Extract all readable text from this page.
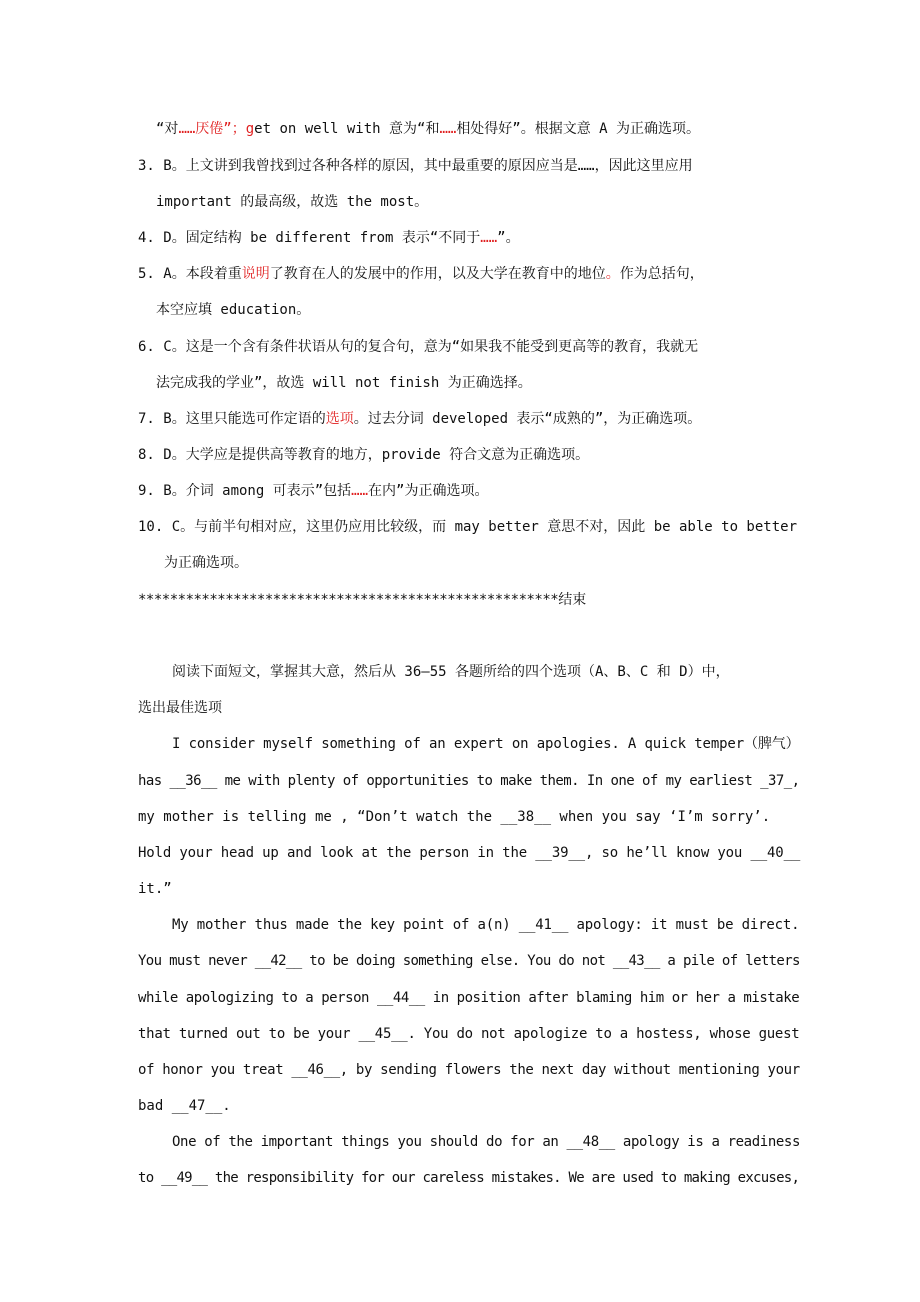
“对……厌倦”；get on well with 意为“和……相处得好”。根据文意 A 为正确选项。
3. B。上文讲到我曾找到过各种各样的原因，其中最重要的原因应当是……，因此这里应用
important 的最高级，故选 the most。
4. D。固定结构 be different from 表示“不同于……”。
5. A。本段着重说明了教育在人的发展中的作用，以及大学在教育中的地位。作为总括句，
本空应填 education。
6. C。这是一个含有条件状语从句的复合句，意为“如果我不能受到更高等的教育，我就无
法完成我的学业”，故选 will not finish 为正确选择。
7. B。这里只能选可作定语的选项。过去分词 developed 表示“成熟的”，为正确选项。
8. D。大学应是提供高等教育的地方，provide 符合文意为正确选项。
9. B。介词 among 可表示”包括……在内”为正确选项。
10. C。与前半句相对应，这里仍应用比较级，而 may better 意思不对，因此 be able to better
为正确选项。
*****************************************************结束
阅读下面短文，掌握其大意，然后从 36—55 各题所给的四个选项（A、B、C 和 D）中，
选出最佳选项
I consider myself something of an expert on apologies. A quick temper（脾气）
has __36__ me with plenty of opportunities to make them. In one of my earliest _37_,
my mother is telling me , “Don’t watch the __38__ when you say ‘I’m sorry’.
Hold your head up and look at the person in the __39__, so he’ll know you __40__
it.”
My mother thus made the key point of a(n) __41__ apology: it must be direct.
You must never __42__ to be doing something else. You do not __43__ a pile of letters
while apologizing to a person __44__ in position after blaming him or her a mistake
that turned out to be your __45__. You do not apologize to a hostess, whose guest
of honor you treat __46__, by sending flowers the next day without mentioning your
bad __47__.
One of the important things you should do for an __48__ apology is a readiness
to __49__ the responsibility for our careless mistakes. We are used to making excuses,
